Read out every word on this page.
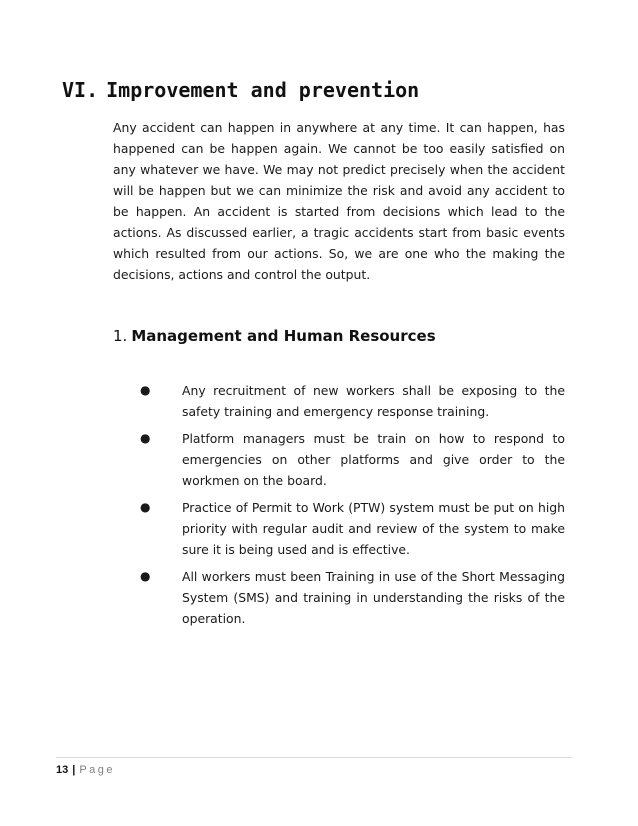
VI. Improvement and prevention

Any accident can happen in anywhere at any time. It can happen, has happened can be happen again. We cannot be too easily satisfied on any whatever we have. We may not predict precisely when the accident will be happen but we can minimize the risk and avoid any accident to be happen. An accident is started from decisions which lead to the actions. As discussed earlier, a tragic accidents start from basic events which resulted from our actions. So, we are one who the making the decisions, actions and control the output.

1. Management and Human Resources
●	Any recruitment of new workers shall be exposing to the safety training and emergency response training.
●	Platform managers must be train on how to respond to emergencies on other platforms and give order to the workmen on the board.
●	Practice of Permit to Work (PTW) system must be put on high priority with regular audit and review of the system to make sure it is being used and is effective.
●	All workers must been Training in use of the Short Messaging System (SMS) and training in understanding the risks of the operation.
13 | Page
